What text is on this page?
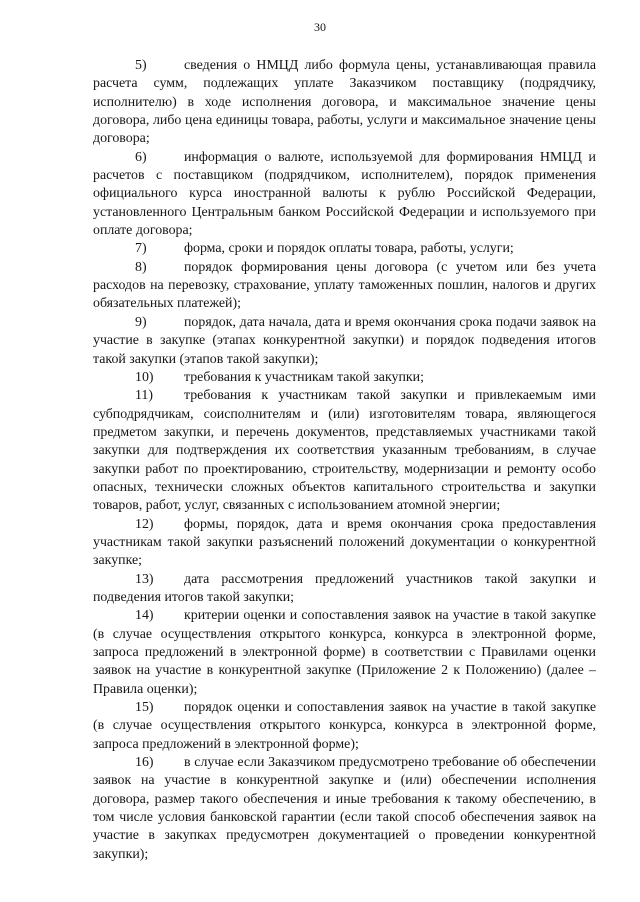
30

5)	сведения о НМЦД либо формула цены, устанавливающая правила расчета сумм, подлежащих уплате Заказчиком поставщику (подрядчику, исполнителю) в ходе исполнения договора, и максимальное значение цены договора, либо цена единицы товара, работы, услуги и максимальное значение цены договора;

6)	информация о валюте, используемой для формирования НМЦД и расчетов с поставщиком (подрядчиком, исполнителем), порядок применения официального курса иностранной валюты к рублю Российской Федерации, установленного Центральным банком Российской Федерации и используемого при оплате договора;

7)	форма, сроки и порядок оплаты товара, работы, услуги;

8)	порядок формирования цены договора (с учетом или без учета расходов на перевозку, страхование, уплату таможенных пошлин, налогов и других обязательных платежей);

9)	порядок, дата начала, дата и время окончания срока подачи заявок на участие в закупке (этапах конкурентной закупки) и порядок подведения итогов такой закупки (этапов такой закупки);

10) требования к участникам такой закупки;

11) требования к участникам такой закупки и привлекаемым ими субподрядчикам, соисполнителям и (или) изготовителям товара, являющегося предметом закупки, и перечень документов, представляемых участниками такой закупки для подтверждения их соответствия указанным требованиям, в случае закупки работ по проектированию, строительству, модернизации и ремонту особо опасных, технически сложных объектов капитального строительства и закупки товаров, работ, услуг, связанных с использованием атомной энергии;

12) формы, порядок, дата и время окончания срока предоставления участникам такой закупки разъяснений положений документации о конкурентной закупке;

13) дата рассмотрения предложений участников такой закупки и подведения итогов такой закупки;

14) критерии оценки и сопоставления заявок на участие в такой закупке (в случае осуществления открытого конкурса, конкурса в электронной форме, запроса предложений в электронной форме) в соответствии с Правилами оценки заявок на участие в конкурентной закупке (Приложение 2 к Положению) (далее – Правила оценки);

15) порядок оценки и сопоставления заявок на участие в такой закупке (в случае осуществления открытого конкурса, конкурса в электронной форме, запроса предложений в электронной форме);

16) в случае если Заказчиком предусмотрено требование об обеспечении заявок на участие в конкурентной закупке и (или) обеспечении исполнения договора, размер такого обеспечения и иные требования к такому обеспечению, в том числе условия банковской гарантии (если такой способ обеспечения заявок на участие в закупках предусмотрен документацией о проведении конкурентной закупки);
